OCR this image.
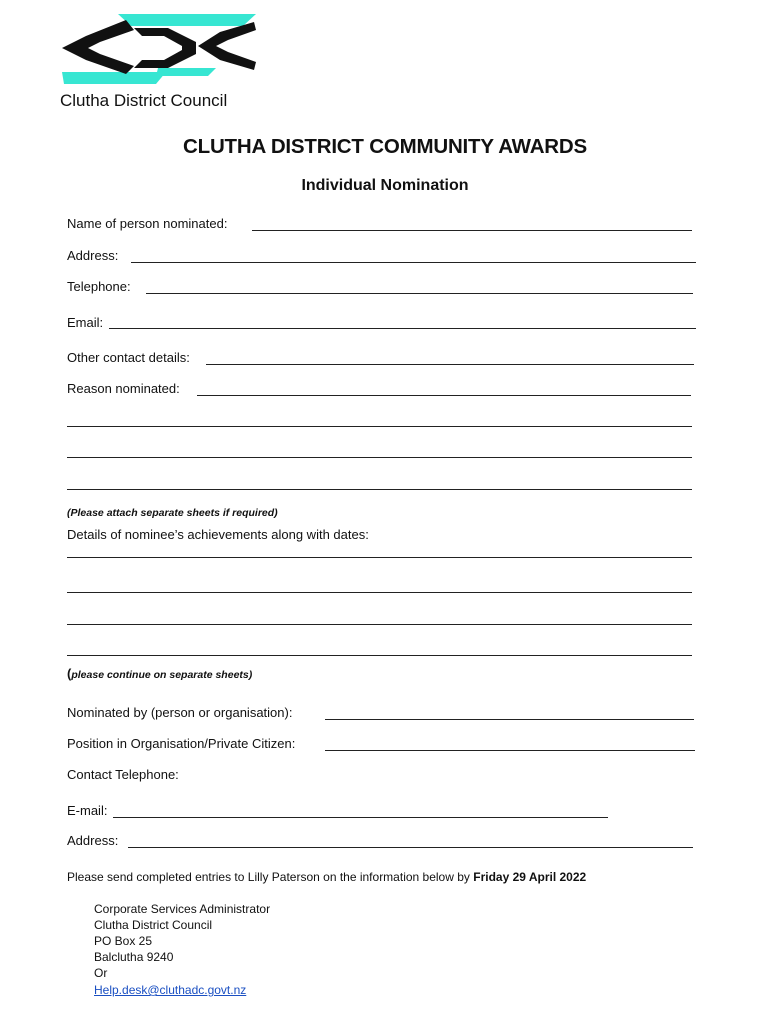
Clutha District Council
CLUTHA DISTRICT COMMUNITY AWARDS
Individual Nomination
Name of person nominated:
Address:
Telephone:
Email:
Other contact details:
Reason nominated:
(Please attach separate sheets if required)
Details of nominee’s achievements along with dates:
(please continue on separate sheets)
Nominated by (person or organisation):
Position in Organisation/Private Citizen:
Contact Telephone:
E-mail:
Address:
Please send completed entries to Lilly Paterson on the information below by Friday 29 April 2022
Corporate Services Administrator
Clutha District Council
PO Box 25
Balclutha 9240
Or
Help.desk@cluthadc.govt.nz
